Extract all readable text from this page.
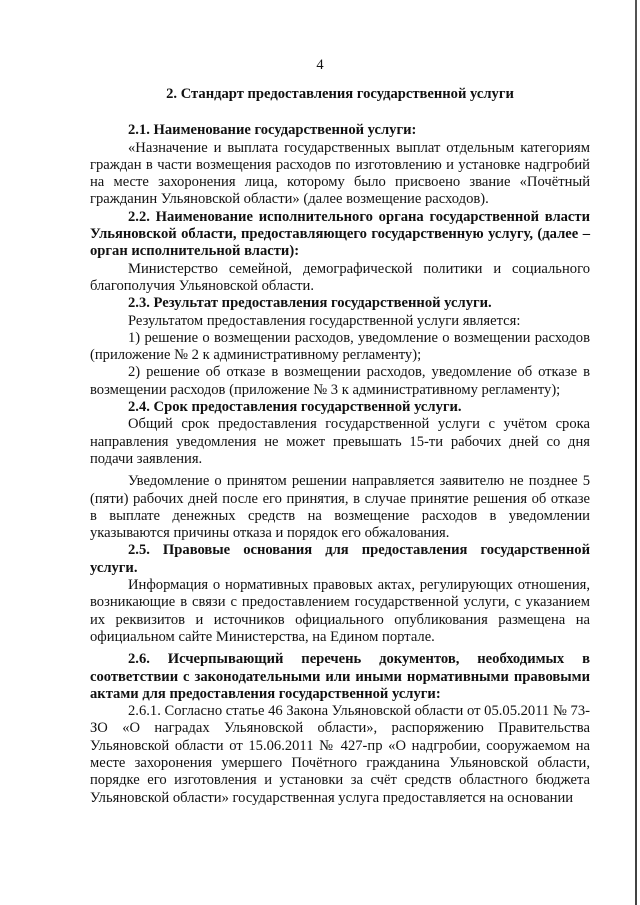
4

2. Стандарт предоставления государственной услуги

2.1. Наименование государственной услуги:

«Назначение и выплата государственных выплат отдельным категориям граждан в части возмещения расходов по изготовлению и установке надгробий на месте захоронения лица, которому было присвоено звание «Почётный гражданин Ульяновской области» (далее возмещение расходов).

2.2. Наименование исполнительного органа государственной власти Ульяновской области, предоставляющего государственную услугу, (далее – орган исполнительной власти):

Министерство семейной, демографической политики и социального благополучия Ульяновской области.

2.3. Результат предоставления государственной услуги.

Результатом предоставления государственной услуги является:

1) решение о возмещении расходов, уведомление о возмещении расходов (приложение № 2 к административному регламенту);

2) решение об отказе в возмещении расходов, уведомление об отказе в возмещении расходов (приложение № 3 к административному регламенту);

2.4. Срок предоставления государственной услуги.

Общий срок предоставления государственной услуги с учётом срока направления уведомления не может превышать 15-ти рабочих дней со дня подачи заявления.

Уведомление о принятом решении направляется заявителю не позднее 5 (пяти) рабочих дней после его принятия, в случае принятие решения об отказе в выплате денежных средств на возмещение расходов в уведомлении указываются причины отказа и порядок его обжалования.

2.5. Правовые основания для предоставления государственной услуги.

Информация о нормативных правовых актах, регулирующих отношения, возникающие в связи с предоставлением государственной услуги, с указанием их реквизитов и источников официального опубликования размещена на официальном сайте Министерства, на Едином портале.

2.6. Исчерпывающий перечень документов, необходимых в соответствии с законодательными или иными нормативными правовыми актами для предоставления государственной услуги:

2.6.1. Согласно статье 46 Закона Ульяновской области от 05.05.2011 № 73-ЗО «О наградах Ульяновской области», распоряжению Правительства Ульяновской области от 15.06.2011 № 427-пр «О надгробии, сооружаемом на месте захоронения умершего Почётного гражданина Ульяновской области, порядке его изготовления и установки за счёт средств областного бюджета Ульяновской области» государственная услуга предоставляется на основании
